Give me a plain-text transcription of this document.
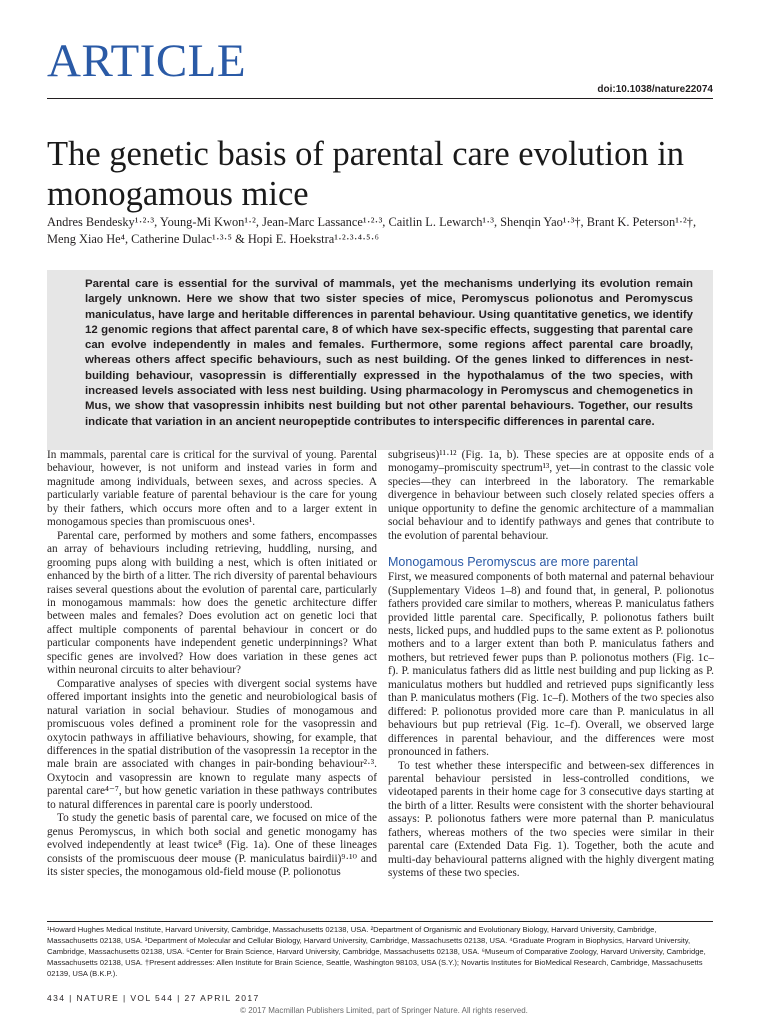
ARTICLE
doi:10.1038/nature22074
The genetic basis of parental care evolution in monogamous mice
Andres Bendesky¹·²·³, Young-Mi Kwon¹·², Jean-Marc Lassance¹·²·³, Caitlin L. Lewarch¹·³, Shenqin Yao¹·³†, Brant K. Peterson¹·²†,
Meng Xiao He⁴, Catherine Dulac¹·³·⁵ & Hopi E. Hoekstra¹·²·³·⁴·⁵·⁶

Parental care is essential for the survival of mammals, yet the mechanisms underlying its evolution remain largely unknown. Here we show that two sister species of mice, Peromyscus polionotus and Peromyscus maniculatus, have large and heritable differences in parental behaviour. Using quantitative genetics, we identify 12 genomic regions that affect parental care, 8 of which have sex-specific effects, suggesting that parental care can evolve independently in males and females. Furthermore, some regions affect parental care broadly, whereas others affect specific behaviours, such as nest building. Of the genes linked to differences in nest-building behaviour, vasopressin is differentially expressed in the hypothalamus of the two species, with increased levels associated with less nest building. Using pharmacology in Peromyscus and chemogenetics in Mus, we show that vasopressin inhibits nest building but not other parental behaviours. Together, our results indicate that variation in an ancient neuropeptide contributes to interspecific differences in parental care.

In mammals, parental care is critical for the survival of young. Parental behaviour, however, is not uniform and instead varies in form and magnitude among individuals, between sexes, and across species. A particularly variable feature of parental behaviour is the care for young by their fathers, which occurs more often and to a larger extent in monogamous species than promiscuous ones¹.

Parental care, performed by mothers and some fathers, encompasses an array of behaviours including retrieving, huddling, nursing, and grooming pups along with building a nest, which is often initiated or enhanced by the birth of a litter. The rich diversity of parental behaviours raises several questions about the evolution of parental care, particularly in monogamous mammals: how does the genetic architecture differ between males and females? Does evolution act on genetic loci that affect multiple components of parental behaviour in concert or do particular components have independent genetic underpinnings? What specific genes are involved? How does variation in these genes act within neuronal circuits to alter behaviour?

Comparative analyses of species with divergent social systems have offered important insights into the genetic and neurobiological basis of natural variation in social behaviour. Studies of monogamous and promiscuous voles defined a prominent role for the vasopressin and oxytocin pathways in affiliative behaviours, showing, for example, that differences in the spatial distribution of the vasopressin 1a receptor in the male brain are associated with changes in pair-bonding behaviour²·³. Oxytocin and vasopressin are known to regulate many aspects of parental care⁴⁻⁷, but how genetic variation in these pathways contributes to natural differences in parental care is poorly understood.

To study the genetic basis of parental care, we focused on mice of the genus Peromyscus, in which both social and genetic monogamy has evolved independently at least twice⁸ (Fig. 1a). One of these lineages consists of the promiscuous deer mouse (P. maniculatus bairdii)⁹·¹⁰ and its sister species, the monogamous old-field mouse (P. polionotus

subgriseus)¹¹·¹² (Fig. 1a, b). These species are at opposite ends of a monogamy–promiscuity spectrum¹³, yet—in contrast to the classic vole species—they can interbreed in the laboratory. The remarkable divergence in behaviour between such closely related species offers a unique opportunity to define the genomic architecture of a mammalian social behaviour and to identify pathways and genes that contribute to the evolution of parental behaviour.

Monogamous Peromyscus are more parental

First, we measured components of both maternal and paternal behaviour (Supplementary Videos 1–8) and found that, in general, P. polionotus fathers provided care similar to mothers, whereas P. maniculatus fathers provided little parental care. Specifically, P. polionotus fathers built nests, licked pups, and huddled pups to the same extent as P. polionotus mothers and to a larger extent than both P. maniculatus fathers and mothers, but retrieved fewer pups than P. polionotus mothers (Fig. 1c–f). P. maniculatus fathers did as little nest building and pup licking as P. maniculatus mothers but huddled and retrieved pups significantly less than P. maniculatus mothers (Fig. 1c–f). Mothers of the two species also differed: P. polionotus provided more care than P. maniculatus in all behaviours but pup retrieval (Fig. 1c–f). Overall, we observed large differences in parental behaviour, and the differences were most pronounced in fathers.

To test whether these interspecific and between-sex differences in parental behaviour persisted in less-controlled conditions, we videotaped parents in their home cage for 3 consecutive days starting at the birth of a litter. Results were consistent with the shorter behavioural assays: P. polionotus fathers were more paternal than P. maniculatus fathers, whereas mothers of the two species were similar in their parental care (Extended Data Fig. 1). Together, both the acute and multi-day behavioural patterns aligned with the highly divergent mating systems of these two species.

¹Howard Hughes Medical Institute, Harvard University, Cambridge, Massachusetts 02138, USA. ²Department of Organismic and Evolutionary Biology, Harvard University, Cambridge,
Massachusetts 02138, USA. ³Department of Molecular and Cellular Biology, Harvard University, Cambridge, Massachusetts 02138, USA. ⁴Graduate Program in Biophysics, Harvard University,
Cambridge, Massachusetts 02138, USA. ⁵Center for Brain Science, Harvard University, Cambridge, Massachusetts 02138, USA. ⁶Museum of Comparative Zoology, Harvard University, Cambridge,
Massachusetts 02138, USA. †Present addresses: Allen Institute for Brain Science, Seattle, Washington 98103, USA (S.Y.); Novartis Institutes for BioMedical Research, Cambridge, Massachusetts
02139, USA (B.K.P.).
434 | NATURE | VOL 544 | 27 APRIL 2017
© 2017 Macmillan Publishers Limited, part of Springer Nature. All rights reserved.
